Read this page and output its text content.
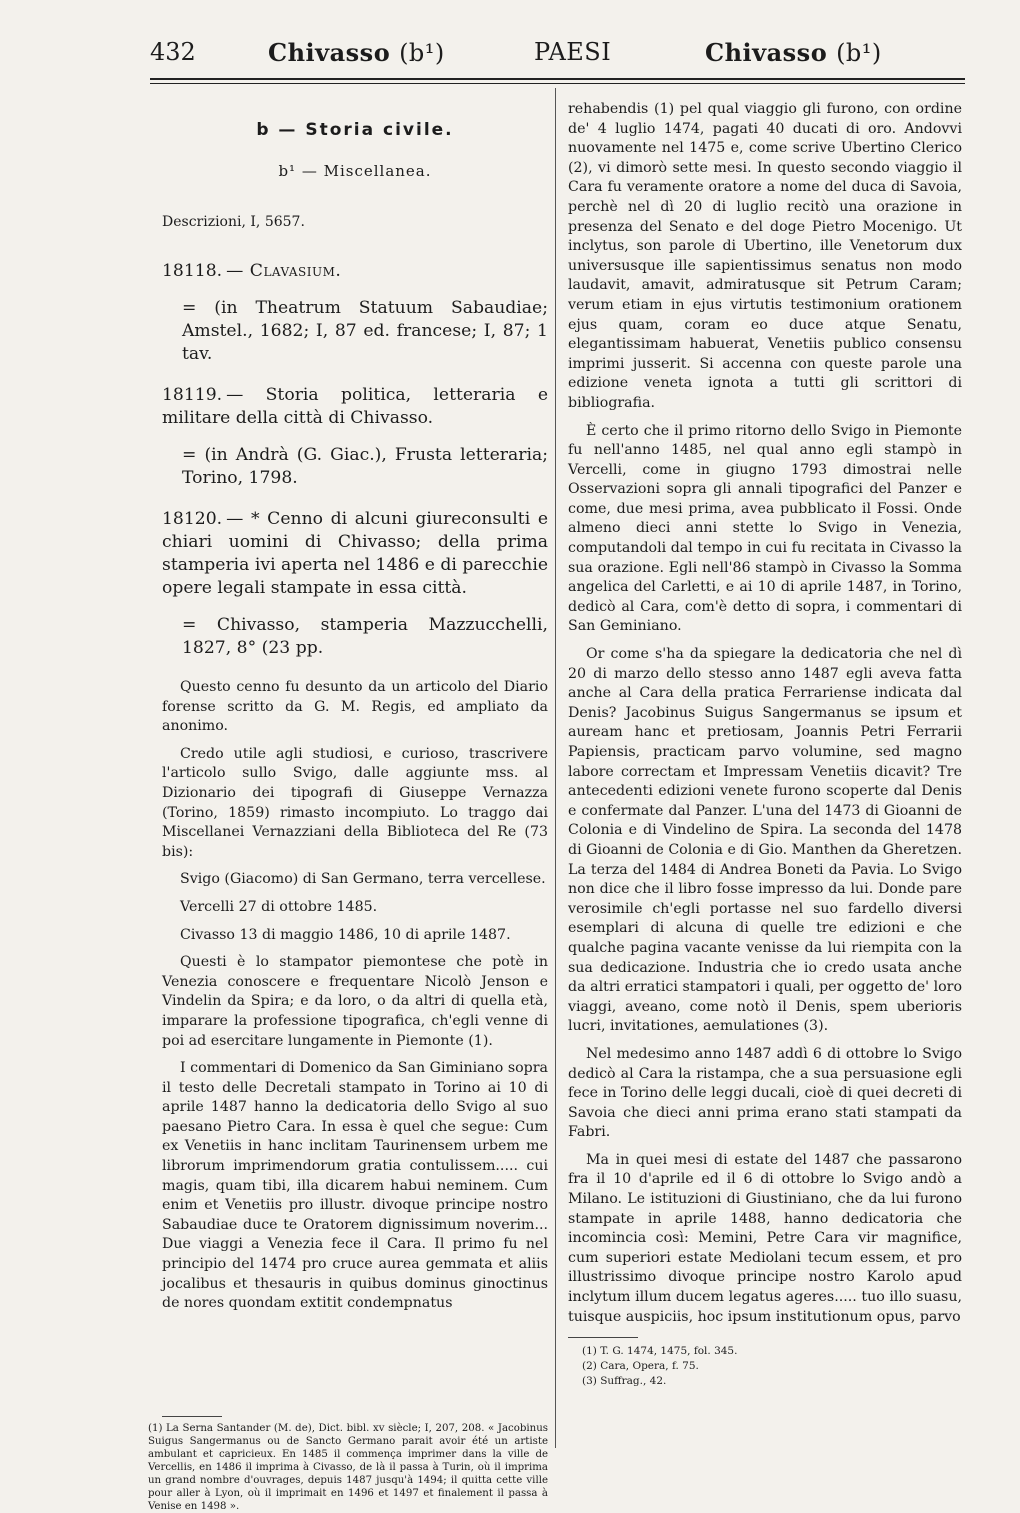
432	Chivasso (b¹)	PAESI	Chivasso (b¹)
b — Storia civile.
b¹ — Miscellanea.
Descrizioni, I, 5657.
18118. — Clavasium.
= (in Theatrum Statuum Sabaudiae; Amstel., 1682; I, 87 ed. francese; I, 87; 1 tav.
18119. — Storia politica, letteraria e militare della città di Chivasso.
= (in Andrà (G. Giac.), Frusta letteraria; Torino, 1798.
18120. — * Cenno di alcuni giureconsulti e chiari uomini di Chivasso; della prima stamperia ivi aperta nel 1486 e di parecchie opere legali stampate in essa città.
= Chivasso, stamperia Mazzucchelli, 1827, 8° (23 pp.

Questo cenno fu desunto da un articolo del Diario forense scritto da G. M. Regis, ed ampliato da anonimo.

Credo utile agli studiosi, e curioso, trascrivere l'articolo sullo Svigo, dalle aggiunte mss. al Dizionario dei tipografi di Giuseppe Vernazza (Torino, 1859) rimasto incompiuto. Lo traggo dai Miscellanei Vernazziani della Biblioteca del Re (73 bis):

Svigo (Giacomo) di San Germano, terra vercellese.

Vercelli 27 di ottobre 1485.

Civasso 13 di maggio 1486, 10 di aprile 1487.

Questi è lo stampator piemontese che potè in Venezia conoscere e frequentare Nicolò Jenson e Vindelin da Spira; e da loro, o da altri di quella età, imparare la professione tipografica, ch'egli venne di poi ad esercitare lungamente in Piemonte (1).

I commentari di Domenico da San Giminiano sopra il testo delle Decretali stampato in Torino ai 10 di aprile 1487 hanno la dedicatoria dello Svigo al suo paesano Pietro Cara. In essa è quel che segue: Cum ex Venetiis in hanc inclitam Taurinensem urbem me librorum imprimendorum gratia contulissem..... cui magis, quam tibi, illa dicarem habui neminem. Cum enim et Venetiis pro illustr. divoque principe nostro Sabaudiae duce te Oratorem dignissimum noverim... Due viaggi a Venezia fece il Cara. Il primo fu nel principio del 1474 pro cruce aurea gemmata et aliis jocalibus et thesauris in quibus dominus ginoctinus de nores quondam extitit condempnatus

rehabendis (1) pel qual viaggio gli furono, con ordine de' 4 luglio 1474, pagati 40 ducati di oro. Andovvi nuovamente nel 1475 e, come scrive Ubertino Clerico (2), vi dimorò sette mesi. In questo secondo viaggio il Cara fu veramente oratore a nome del duca di Savoia, perchè nel dì 20 di luglio recitò una orazione in presenza del Senato e del doge Pietro Mocenigo. Ut inclytus, son parole di Ubertino, ille Venetorum dux universusque ille sapientissimus senatus non modo laudavit, amavit, admiratusque sit Petrum Caram; verum etiam in ejus virtutis testimonium orationem ejus quam, coram eo duce atque Senatu, elegantissimam habuerat, Venetiis publico consensu imprimi jusserit. Si accenna con queste parole una edizione veneta ignota a tutti gli scrittori di bibliografia.

È certo che il primo ritorno dello Svigo in Piemonte fu nell'anno 1485, nel qual anno egli stampò in Vercelli, come in giugno 1793 dimostrai nelle Osservazioni sopra gli annali tipografici del Panzer e come, due mesi prima, avea pubblicato il Fossi. Onde almeno dieci anni stette lo Svigo in Venezia, computandoli dal tempo in cui fu recitata in Civasso la sua orazione. Egli nell'86 stampò in Civasso la Somma angelica del Carletti, e ai 10 di aprile 1487, in Torino, dedicò al Cara, com'è detto di sopra, i commentari di San Geminiano.

Or come s'ha da spiegare la dedicatoria che nel dì 20 di marzo dello stesso anno 1487 egli aveva fatta anche al Cara della pratica Ferrariense indicata dal Denis? Jacobinus Suigus Sangermanus se ipsum et auream hanc et pretiosam, Joannis Petri Ferrarii Papiensis, practicam parvo volumine, sed magno labore correctam et Impressam Venetiis dicavit? Tre antecedenti edizioni venete furono scoperte dal Denis e confermate dal Panzer. L'una del 1473 di Gioanni de Colonia e di Vindelino de Spira. La seconda del 1478 di Gioanni de Colonia e di Gio. Manthen da Gheretzen. La terza del 1484 di Andrea Boneti da Pavia. Lo Svigo non dice che il libro fosse impresso da lui. Donde pare verosimile ch'egli portasse nel suo fardello diversi esemplari di alcuna di quelle tre edizioni e che qualche pagina vacante venisse da lui riempita con la sua dedicazione. Industria che io credo usata anche da altri erratici stampatori i quali, per oggetto de' loro viaggi, aveano, come notò il Denis, spem uberioris lucri, invitationes, aemulationes (3).

Nel medesimo anno 1487 addì 6 di ottobre lo Svigo dedicò al Cara la ristampa, che a sua persuasione egli fece in Torino delle leggi ducali, cioè di quei decreti di Savoia che dieci anni prima erano stati stampati da Fabri.

Ma in quei mesi di estate del 1487 che passarono fra il 10 d'aprile ed il 6 di ottobre lo Svigo andò a Milano. Le istituzioni di Giustiniano, che da lui furono stampate in aprile 1488, hanno dedicatoria che incomincia così: Memini, Petre Cara vir magnifice, cum superiori estate Mediolani tecum essem, et pro illustrissimo divoque principe nostro Karolo apud inclytum illum ducem legatus ageres..... tuo illo suasu, tuisque auspiciis, hoc ipsum institutionum opus, parvo

(1) T. G. 1474, 1475, fol. 345.

(2) Cara, Opera, f. 75.

(3) Suffrag., 42.

(1) La Serna Santander (M. de), Dict. bibl. xv siècle; I, 207, 208. « Jacobinus Suigus Sangermanus ou de Sancto Germano parait avoir été un artiste ambulant et capricieux. En 1485 il commença imprimer dans la ville de Vercellis, en 1486 il imprima à Civasso, de là il passa à Turin, où il imprima un grand nombre d'ouvrages, depuis 1487 jusqu'à 1494; il quitta cette ville pour aller à Lyon, où il imprimait en 1496 et 1497 et finalement il passa à Venise en 1498 ».
